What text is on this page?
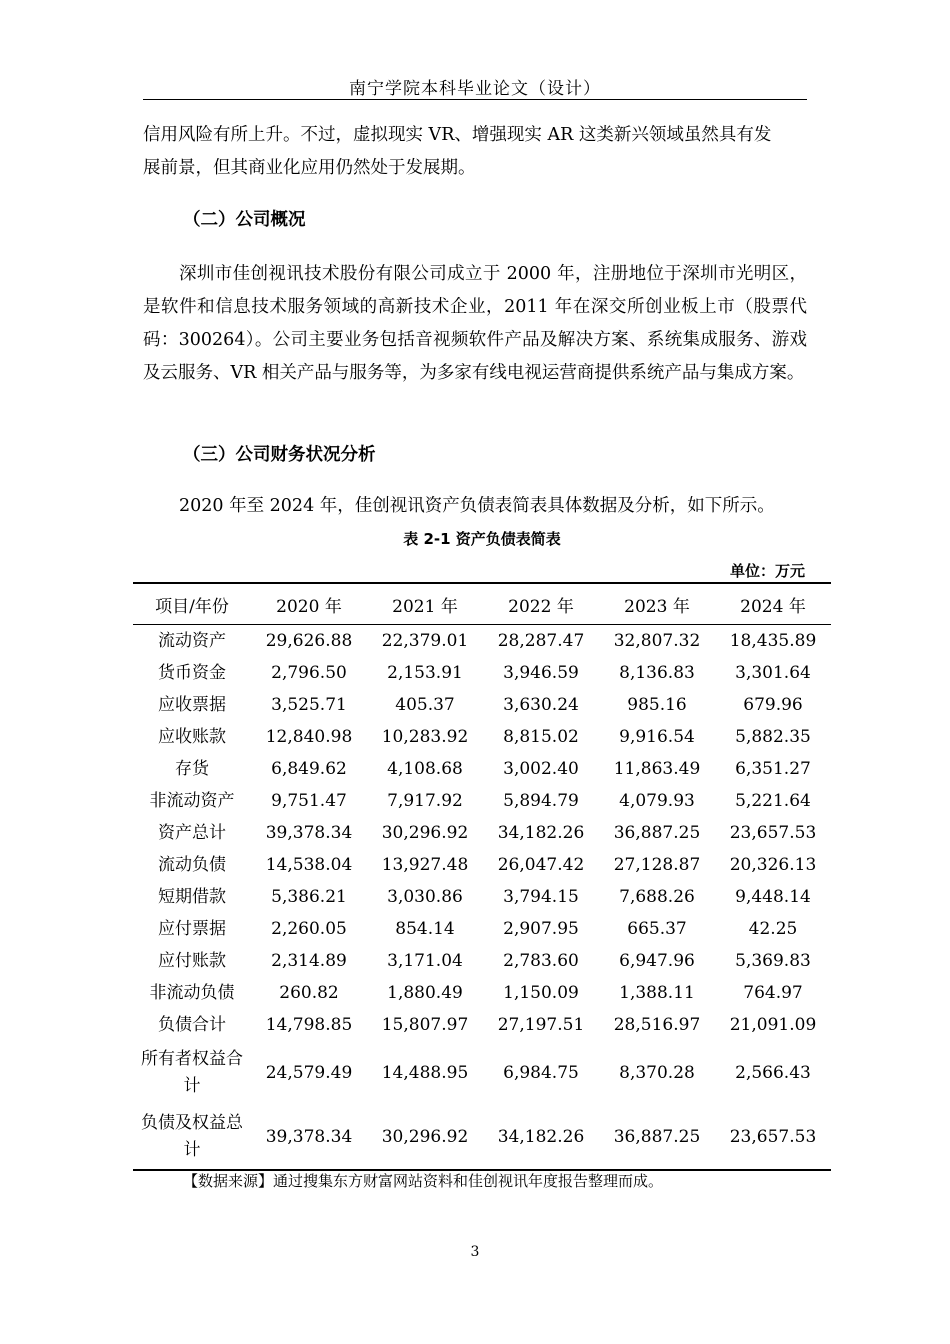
南宁学院本科毕业论文（设计）

信用风险有所上升。不过，虚拟现实 VR、增强现实 AR 这类新兴领域虽然具有发

展前景，但其商业化应用仍然处于发展期。

（二）公司概况

深圳市佳创视讯技术股份有限公司成立于 2000 年，注册地位于深圳市光明区，是软件和信息技术服务领域的高新技术企业，2011 年在深交所创业板上市（股票代码：300264）。公司主要业务包括音视频软件产品及解决方案、系统集成服务、游戏及云服务、VR 相关产品与服务等，为多家有线电视运营商提供系统产品与集成方案。

（三）公司财务状况分析

2020 年至 2024 年，佳创视讯资产负债表简表具体数据及分析，如下所示。

表 2-1 资产负债表简表
单位：万元
项目/年份	2020 年	2021 年	2022 年	2023 年	2024 年
流动资产	29,626.88	22,379.01	28,287.47	32,807.32	18,435.89
货币资金	2,796.50	2,153.91	3,946.59	8,136.83	3,301.64
应收票据	3,525.71	405.37	3,630.24	985.16	679.96
应收账款	12,840.98	10,283.92	8,815.02	9,916.54	5,882.35
存货	6,849.62	4,108.68	3,002.40	11,863.49	6,351.27
非流动资产	9,751.47	7,917.92	5,894.79	4,079.93	5,221.64
资产总计	39,378.34	30,296.92	34,182.26	36,887.25	23,657.53
流动负债	14,538.04	13,927.48	26,047.42	27,128.87	20,326.13
短期借款	5,386.21	3,030.86	3,794.15	7,688.26	9,448.14
应付票据	2,260.05	854.14	2,907.95	665.37	42.25
应付账款	2,314.89	3,171.04	2,783.60	6,947.96	5,369.83
非流动负债	260.82	1,880.49	1,150.09	1,388.11	764.97
负债合计	14,798.85	15,807.97	27,197.51	28,516.97	21,091.09
所有者权益合计	24,579.49	14,488.95	6,984.75	8,370.28	2,566.43
负债及权益总计	39,378.34	30,296.92	34,182.26	36,887.25	23,657.53
【数据来源】通过搜集东方财富网站资料和佳创视讯年度报告整理而成。
3
